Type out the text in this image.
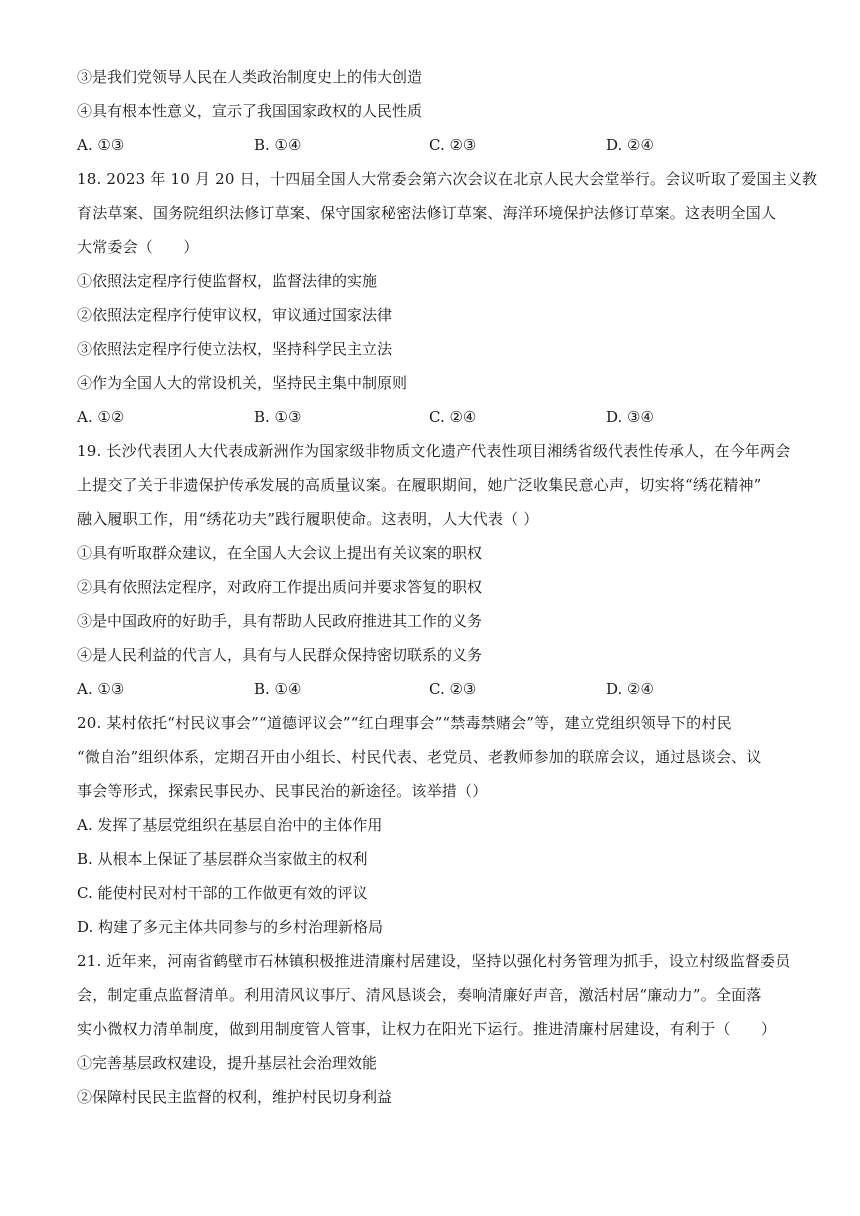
③是我们党领导人民在人类政治制度史上的伟大创造
④具有根本性意义，宣示了我国国家政权的人民性质
A. ①③	B. ①④	C. ②③	D. ②④
18. 2023 年 10 月 20 日，十四届全国人大常委会第六次会议在北京人民大会堂举行。会议听取了爱国主义教
育法草案、国务院组织法修订草案、保守国家秘密法修订草案、海洋环境保护法修订草案。这表明全国人
大常委会（　　）
①依照法定程序行使监督权，监督法律的实施
②依照法定程序行使审议权，审议通过国家法律
③依照法定程序行使立法权，坚持科学民主立法
④作为全国人大的常设机关，坚持民主集中制原则
A. ①②	B. ①③	C. ②④	D. ③④
19. 长沙代表团人大代表成新洲作为国家级非物质文化遗产代表性项目湘绣省级代表性传承人，在今年两会
上提交了关于非遗保护传承发展的高质量议案。在履职期间，她广泛收集民意心声，切实将“绣花精神”
融入履职工作，用“绣花功夫”践行履职使命。这表明，人大代表（ ）
①具有听取群众建议，在全国人大会议上提出有关议案的职权
②具有依照法定程序，对政府工作提出质问并要求答复的职权
③是中国政府的好助手，具有帮助人民政府推进其工作的义务
④是人民利益的代言人，具有与人民群众保持密切联系的义务
A. ①③	B. ①④	C. ②③	D. ②④
20. 某村依托“村民议事会”“道德评议会”“红白理事会”“禁毒禁赌会”等，建立党组织领导下的村民
“微自治”组织体系，定期召开由小组长、村民代表、老党员、老教师参加的联席会议，通过恳谈会、议
事会等形式，探索民事民办、民事民治的新途径。该举措（）
A. 发挥了基层党组织在基层自治中的主体作用
B. 从根本上保证了基层群众当家做主的权利
C. 能使村民对村干部的工作做更有效的评议
D. 构建了多元主体共同参与的乡村治理新格局
21. 近年来，河南省鹤壁市石林镇积极推进清廉村居建设，坚持以强化村务管理为抓手，设立村级监督委员
会，制定重点监督清单。利用清风议事厅、清风恳谈会，奏响清廉好声音，激活村居“廉动力”。全面落
实小微权力清单制度，做到用制度管人管事，让权力在阳光下运行。推进清廉村居建设，有利于（　　）
①完善基层政权建设，提升基层社会治理效能
②保障村民民主监督的权利，维护村民切身利益
